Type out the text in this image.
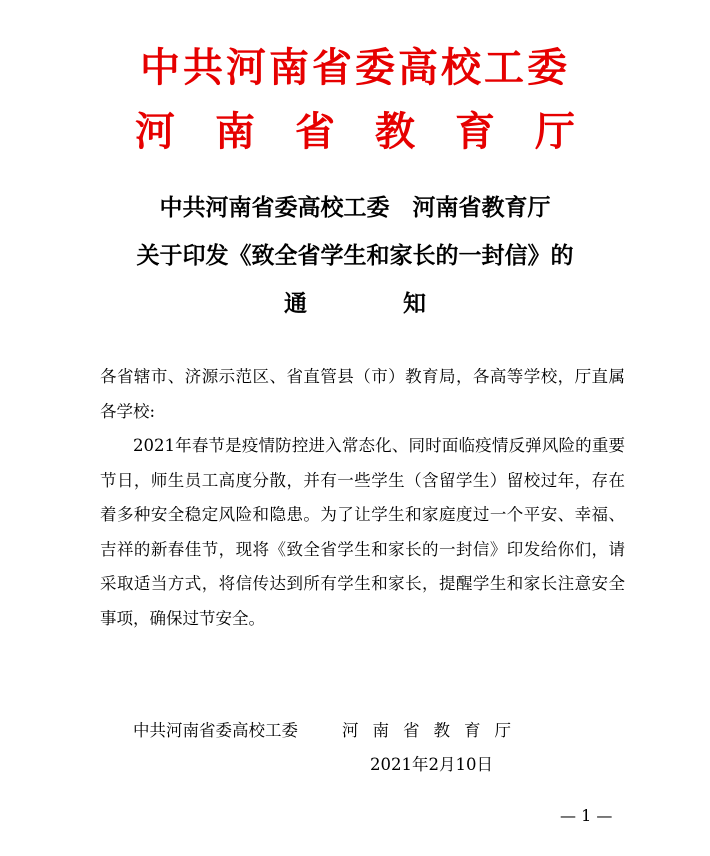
中共河南省委高校工委
河南省教育厅
中共河南省委高校工委　河南省教育厅
关于印发《致全省学生和家长的一封信》的
通知
各省辖市、济源示范区、省直管县（市）教育局，各高等学校，厅直属各学校:
2021年春节是疫情防控进入常态化、同时面临疫情反弹风险的重要节日，师生员工高度分散，并有一些学生（含留学生）留校过年，存在着多种安全稳定风险和隐患。为了让学生和家庭度过一个平安、幸福、吉祥的新春佳节，现将《致全省学生和家长的一封信》印发给你们，请采取适当方式，将信传达到所有学生和家长，提醒学生和家长注意安全事项，确保过节安全。
中共河南省委高校工委	河南省教育厅
2021年2月10日
— 1 —
